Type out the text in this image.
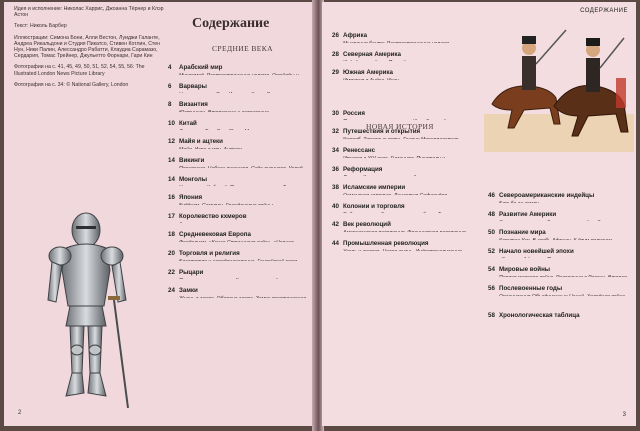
Идея и исполнение: Николас Харрис, Джоанна Тёрнер и Клэр Астон

Текст: Николь Барбер

Иллюстрации: Симона Бони, Алли Вестон, Луиджи Галанте, Андреа Рикальдони и Студия Пикатсо, Стивен Котлин, Стен Нун, Ники Палин, Алессандро Рабатти, Клаудиа Сарамазо, Сердария, Томас Трейнер, Джульетто Форнари, Гари Кин

Фотографии на с. 41, 45, 49, 50, 51, 52, 54, 55, 56: The Illustrated London News Picture Library

Фотография на с. 34: © National Gallery, London

2
СОДЕРЖАНИЕ
3
Содержание
СРЕДНИЕ ВЕКА
НОВАЯ ИСТОРИЯ
4 Арабский мир
6 Варвары
8 Византия
10 Китай
12 Майя и ацтеки
14 Викинги
14 Монголы
16 Япония
17 Королевство кхмеров
18 Средневековая Европа
20 Торговля и религия
22 Рыцари
24 Замки
26 Африка
28 Северная Америка
29 Южная Америка
30 Россия
32 Путешествия и открытия
34 Ренессанс
36 Реформация
38 Исламские империи
40 Колонии и торговля
42 Век революций
44 Промышленная революция
46 Североамериканские индейцы
48 Развитие Америки
50 Познание мира
52 Начало новейшей эпохи
54 Мировые войны
56 Послевоенные годы
58 Хронологическая таблица
